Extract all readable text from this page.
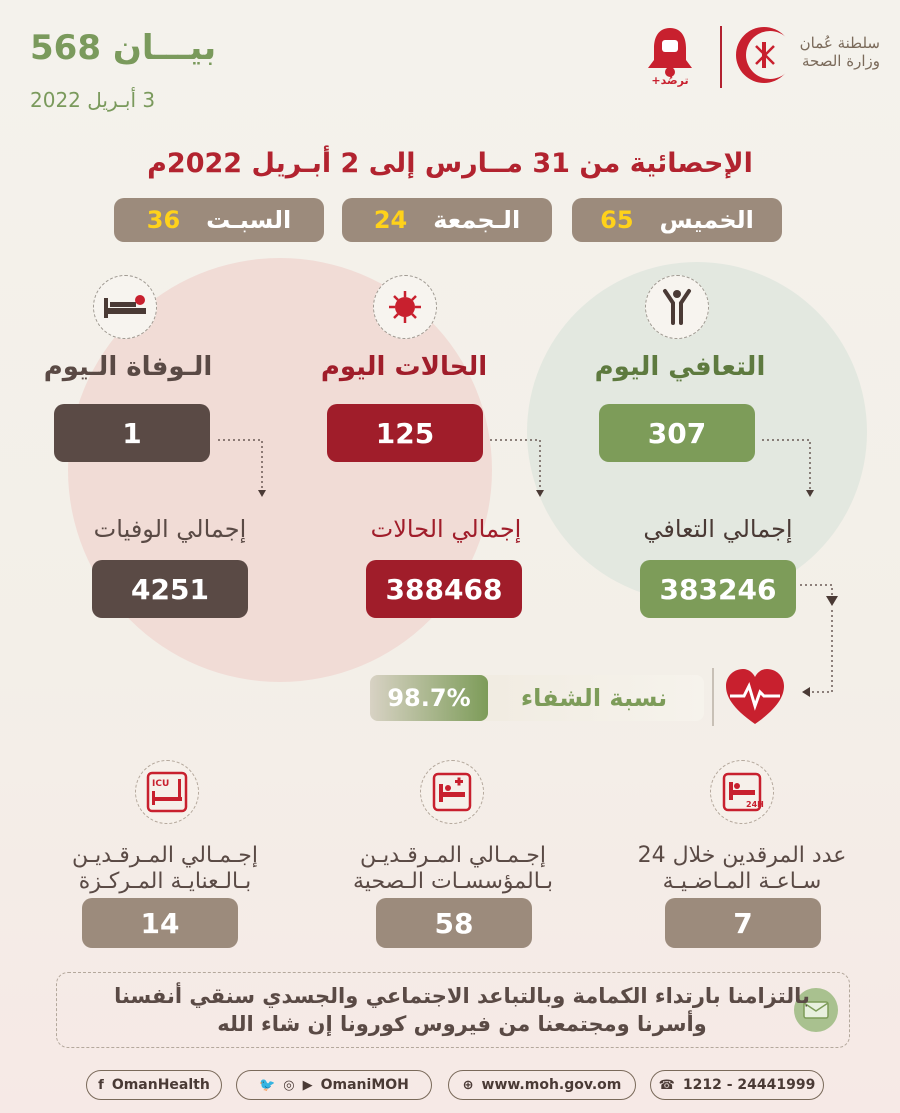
بيـــان 568
3 أبـريل 2022
ترصُد+
سلطنة عُمان
وزارة الصحة
الإحصائية من 31 مــارس إلى 2 أبـريل 2022م
الخميس
65
الـجمعة
24
السبـت
36
التعافي اليوم
الحالات اليوم
الـوفاة الـيوم
307
125
1
إجمالي التعافي
إجمالي الحالات
إجمالي الوفيات
383246
388468
4251
98.7%	نسبة الشفاء
24H
ICU
عدد المرقدين خلال 24
سـاعـة المـاضـيـة
إجـمـالي المـرقـديـن
بـالمؤسسـات الـصحية
إجـمـالي المـرقـديـن
بـالـعنايـة المـركـزة
7
58
14
بالتزامنا بارتداء الكمامة وبالتباعد الاجتماعي والجسدي سنقي أنفسنا
وأسرنا ومجتمعنا من فيروس كورونا إن شاء الله
f OmanHealth	🐦 ◎ ▶ OmaniMOH	⊕ www.moh.gov.om	☎ 1212 - 24441999
